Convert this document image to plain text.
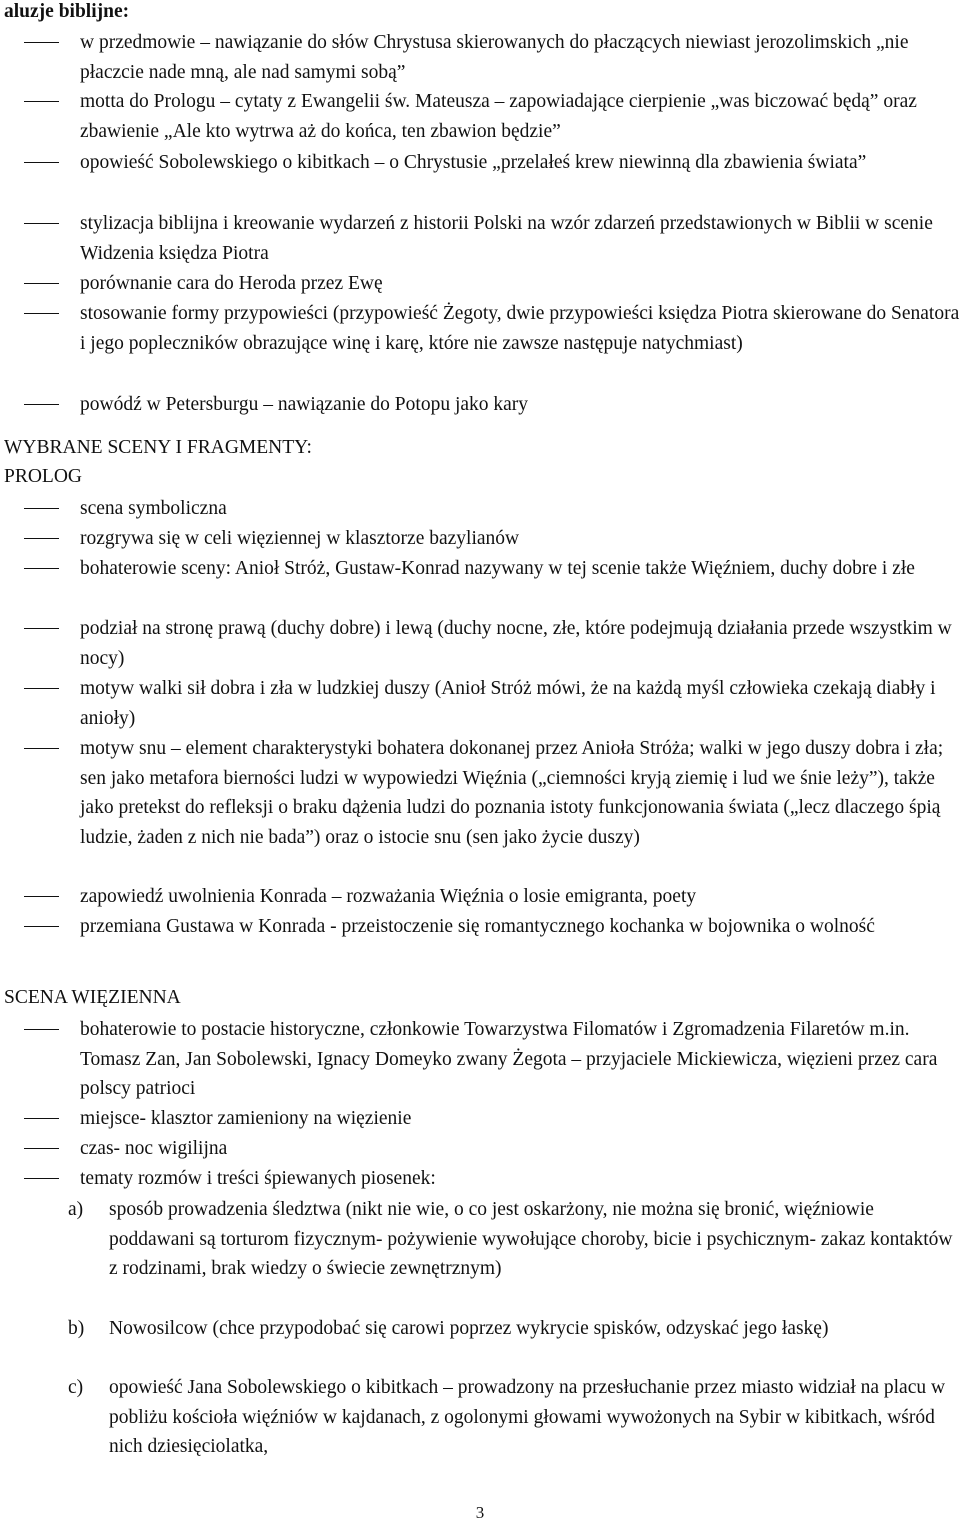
aluzje biblijne:
w przedmowie – nawiązanie do słów Chrystusa skierowanych do płaczących niewiast jerozolimskich „nie płaczcie nade mną, ale nad samymi sobą”
motta do Prologu – cytaty z Ewangelii św. Mateusza – zapowiadające cierpienie „was biczować będą” oraz zbawienie „Ale kto wytrwa aż do końca, ten zbawion będzie”
opowieść Sobolewskiego o kibitkach – o Chrystusie „przelałeś krew niewinną dla zbawienia świata”
stylizacja biblijna i kreowanie wydarzeń z historii Polski na wzór zdarzeń przedstawionych w Biblii w scenie Widzenia księdza Piotra
porównanie cara do Heroda przez Ewę
stosowanie formy przypowieści (przypowieść Żegoty, dwie przypowieści księdza Piotra skierowane do Senatora i jego popleczników obrazujące winę i karę, które nie zawsze następuje natychmiast)
powódź w Petersburgu – nawiązanie do Potopu jako kary
WYBRANE SCENY I FRAGMENTY:
PROLOG
scena symboliczna
rozgrywa się w celi więziennej w klasztorze bazylianów
bohaterowie sceny: Anioł Stróż, Gustaw-Konrad nazywany w tej scenie także Więźniem, duchy dobre i złe
podział na stronę prawą (duchy dobre) i lewą (duchy nocne, złe, które podejmują działania przede wszystkim w nocy)
motyw walki sił dobra i zła w ludzkiej duszy (Anioł Stróż mówi, że na każdą myśl człowieka czekają diabły i anioły)
motyw snu – element charakterystyki bohatera dokonanej przez Anioła Stróża; walki w jego duszy dobra i zła; sen jako metafora bierności ludzi w wypowiedzi Więźnia („ciemności kryją ziemię i lud we śnie leży”), także jako pretekst do refleksji o braku dążenia ludzi do poznania istoty funkcjonowania świata („lecz dlaczego śpią ludzie, żaden z nich nie bada”) oraz o istocie snu (sen jako życie duszy)
zapowiedź uwolnienia Konrada – rozważania Więźnia o losie emigranta, poety
przemiana Gustawa w Konrada - przeistoczenie się romantycznego kochanka w bojownika o wolność
SCENA WIĘZIENNA
bohaterowie to postacie historyczne, członkowie Towarzystwa Filomatów i Zgromadzenia Filaretów m.in. Tomasz Zan, Jan Sobolewski, Ignacy Domeyko zwany Żegota – przyjaciele Mickiewicza, więzieni przez cara polscy patrioci
miejsce- klasztor zamieniony na więzienie
czas- noc wigilijna
tematy rozmów i treści śpiewanych piosenek:
a) sposób prowadzenia śledztwa (nikt nie wie, o co jest oskarżony, nie można się bronić, więźniowie poddawani są torturom fizycznym- pożywienie wywołujące choroby, bicie i psychicznym- zakaz kontaktów z rodzinami, brak wiedzy o świecie zewnętrznym)
b) Nowosilcow (chce przypodobać się carowi poprzez wykrycie spisków, odzyskać jego łaskę)
c) opowieść Jana Sobolewskiego o kibitkach – prowadzony na przesłuchanie przez miasto widział na placu w pobliżu kościoła więźniów w kajdanach, z ogolonymi głowami wywożonych na Sybir w kibitkach, wśród nich dziesięciolatka,
3
